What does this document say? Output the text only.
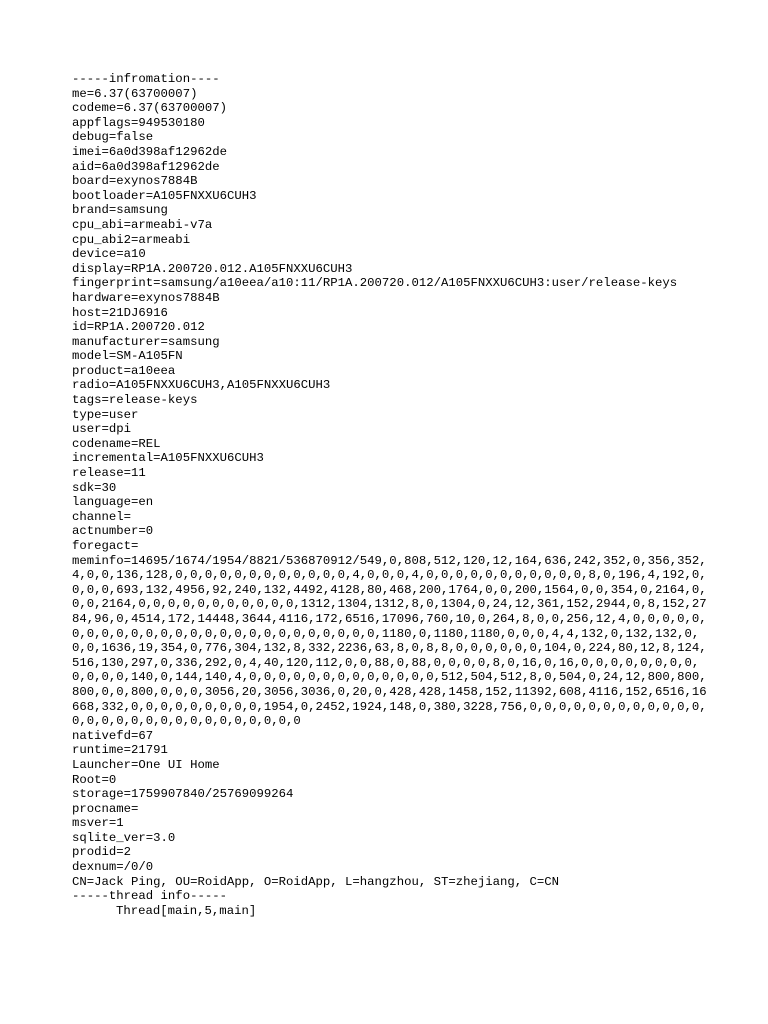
-----infromation----
me=6.37(63700007)
codeme=6.37(63700007)
appflags=949530180
debug=false
imei=6a0d398af12962de
aid=6a0d398af12962de
board=exynos7884B
bootloader=A105FNXXU6CUH3
brand=samsung
cpu_abi=armeabi-v7a
cpu_abi2=armeabi
device=a10
display=RP1A.200720.012.A105FNXXU6CUH3
fingerprint=samsung/a10eea/a10:11/RP1A.200720.012/A105FNXXU6CUH3:user/release-keys
hardware=exynos7884B
host=21DJ6916
id=RP1A.200720.012
manufacturer=samsung
model=SM-A105FN
product=a10eea
radio=A105FNXXU6CUH3,A105FNXXU6CUH3
tags=release-keys
type=user
user=dpi
codename=REL
incremental=A105FNXXU6CUH3
release=11
sdk=30
language=en
channel=
actnumber=0
foregact=
meminfo=14695/1674/1954/8821/536870912/549,0,808,512,120,12,164,636,242,352,0,356,352,4,0,0,136,128,0,0,0,0,0,0,0,0,0,0,0,0,4,0,0,0,4,0,0,0,0,0,0,0,0,0,0,0,8,0,196,4,192,0,0,0,0,693,132,4956,92,240,132,4492,4128,80,468,200,1764,0,0,200,1564,0,0,354,0,2164,0,0,0,2164,0,0,0,0,0,0,0,0,0,0,0,1312,1304,1312,8,0,1304,0,24,12,361,152,2944,0,8,152,2784,96,0,4514,172,14448,3644,4116,172,6516,17096,760,10,0,264,8,0,0,256,12,4,0,0,0,0,0,0,0,0,0,0,0,0,0,0,0,0,0,0,0,0,0,0,0,0,0,0,1180,0,1180,1180,0,0,0,4,4,132,0,132,132,0,0,0,1636,19,354,0,776,304,132,8,332,2236,63,8,0,8,8,0,0,0,0,0,0,104,0,224,80,12,8,124,516,130,297,0,336,292,0,4,40,120,112,0,0,88,0,88,0,0,0,0,8,0,16,0,16,0,0,0,0,0,0,0,0,0,0,0,0,140,0,144,140,4,0,0,0,0,0,0,0,0,0,0,0,0,0,512,504,512,8,0,504,0,24,12,800,800,800,0,0,800,0,0,0,3056,20,3056,3036,0,20,0,428,428,1458,152,11392,608,4116,152,6516,16668,332,0,0,0,0,0,0,0,0,0,1954,0,2452,1924,148,0,380,3228,756,0,0,0,0,0,0,0,0,0,0,0,0,0,0,0,0,0,0,0,0,0,0,0,0,0,0,0,0
nativefd=67
runtime=21791
Launcher=One UI Home
Root=0
storage=1759907840/25769099264
procname=
msver=1
sqlite_ver=3.0
prodid=2
dexnum=/0/0
CN=Jack Ping, OU=RoidApp, O=RoidApp, L=hangzhou, ST=zhejiang, C=CN
-----thread info-----
Thread[main,5,main]
